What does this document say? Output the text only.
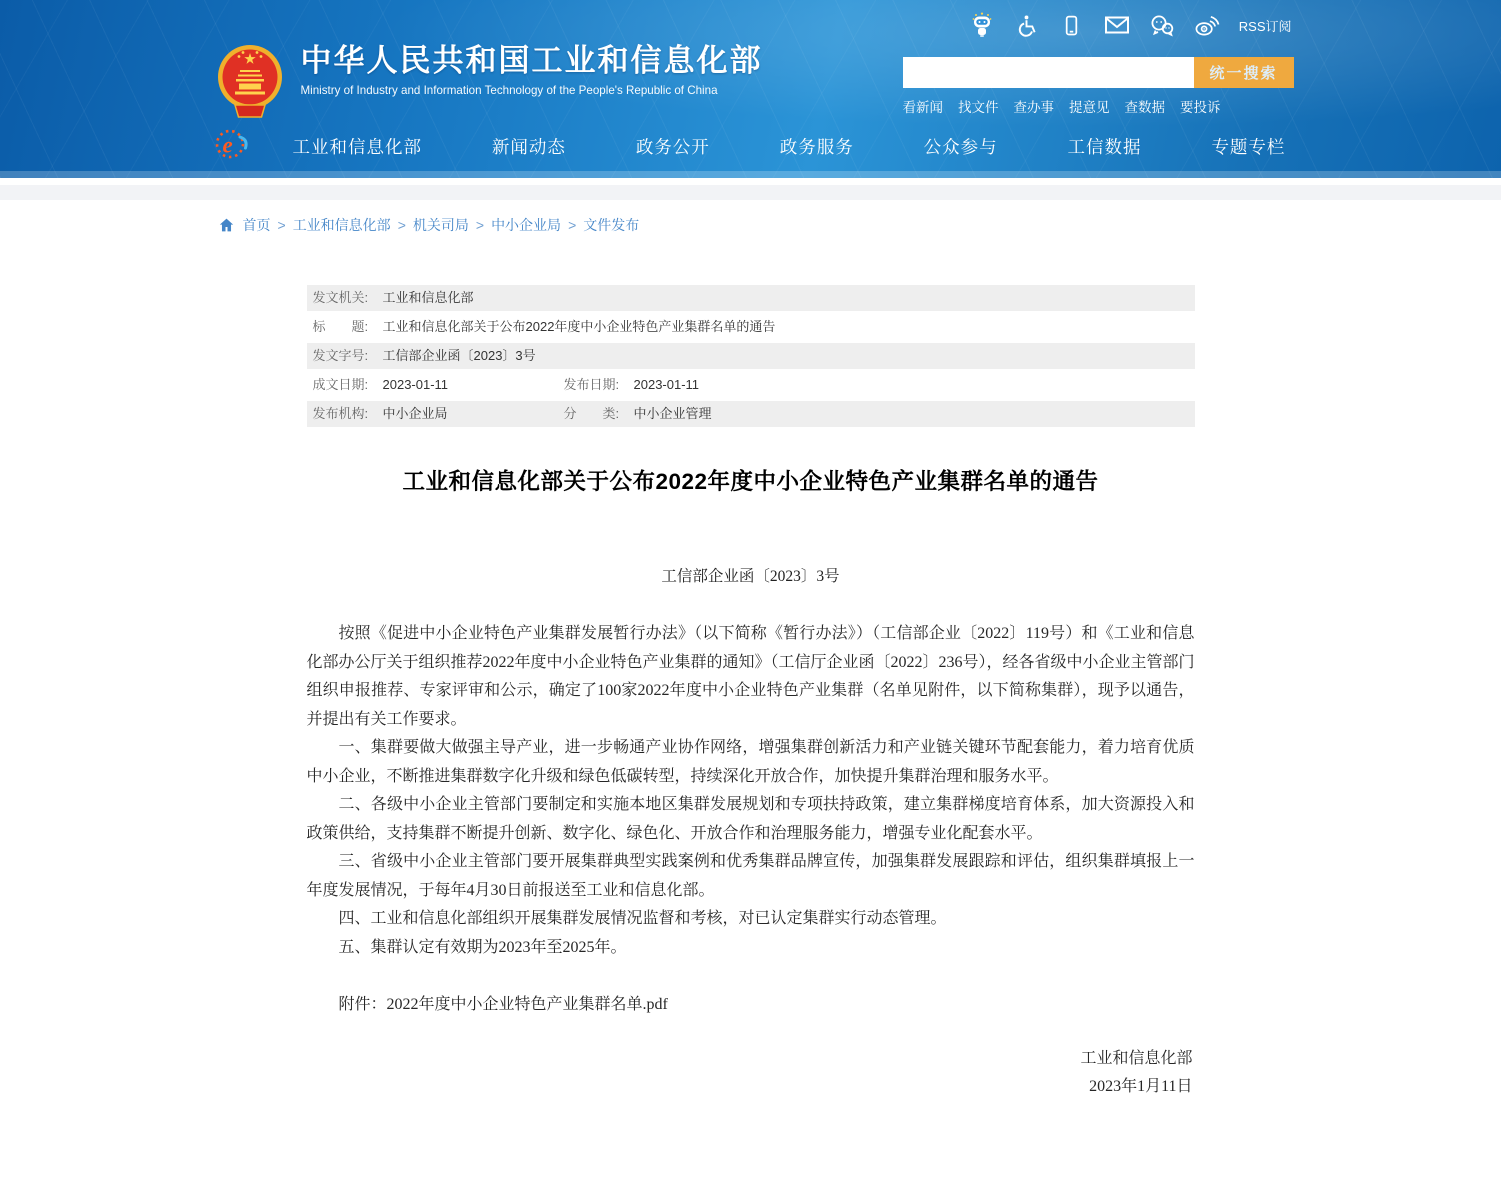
RSS订阅
中华人民共和国工业和信息化部
Ministry of Industry and Information Technology of the People's Republic of China
统一搜索
看新闻 找文件 查办事 提意见 查数据 要投诉
e	工业和信息化部	新闻动态	政务公开	政务服务	公众参与	工信数据	专题专栏
首页 > 工业和信息化部 > 机关司局 > 中小企业局 > 文件发布
发文机关:	工业和信息化部
标　　题:	工业和信息化部关于公布2022年度中小企业特色产业集群名单的通告
发文字号:	工信部企业函〔2023〕3号
成文日期:	2023-01-11	发布日期:	2023-01-11
发布机构:	中小企业局	分　　类:	中小企业管理
工业和信息化部关于公布2022年度中小企业特色产业集群名单的通告
工信部企业函〔2023〕3号

按照《促进中小企业特色产业集群发展暂行办法》（以下简称《暂行办法》）（工信部企业〔2022〕119号）和《工业和信息化部办公厅关于组织推荐2022年度中小企业特色产业集群的通知》（工信厅企业函〔2022〕236号），经各省级中小企业主管部门组织申报推荐、专家评审和公示，确定了100家2022年度中小企业特色产业集群（名单见附件，以下简称集群），现予以通告，并提出有关工作要求。

一、集群要做大做强主导产业，进一步畅通产业协作网络，增强集群创新活力和产业链关键环节配套能力，着力培育优质中小企业，不断推进集群数字化升级和绿色低碳转型，持续深化开放合作，加快提升集群治理和服务水平。

二、各级中小企业主管部门要制定和实施本地区集群发展规划和专项扶持政策，建立集群梯度培育体系，加大资源投入和政策供给，支持集群不断提升创新、数字化、绿色化、开放合作和治理服务能力，增强专业化配套水平。

三、省级中小企业主管部门要开展集群典型实践案例和优秀集群品牌宣传，加强集群发展跟踪和评估，组织集群填报上一年度发展情况，于每年4月30日前报送至工业和信息化部。

四、工业和信息化部组织开展集群发展情况监督和考核，对已认定集群实行动态管理。

五、集群认定有效期为2023年至2025年。

附件：2022年度中小企业特色产业集群名单.pdf
工业和信息化部
2023年1月11日
